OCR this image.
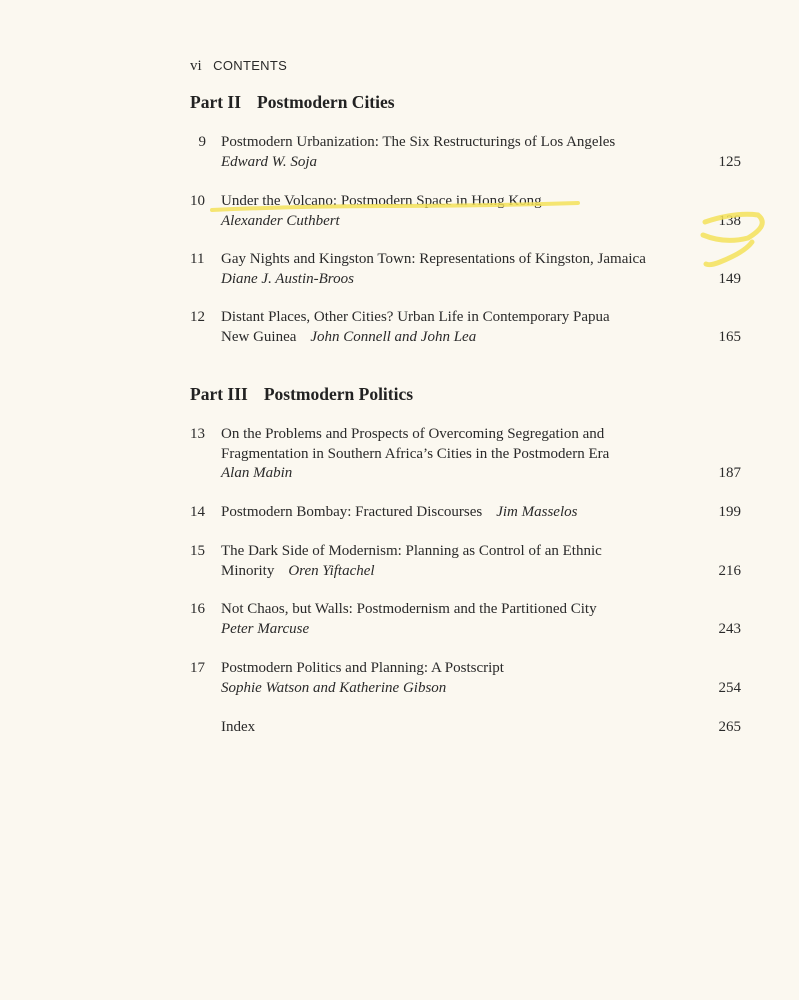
vi CONTENTS
Part II Postmodern Cities
9 Postmodern Urbanization: The Six Restructurings of Los Angeles
Edward W. Soja	125
10 Under the Volcano: Postmodern Space in Hong Kong
Alexander Cuthbert	138
11 Gay Nights and Kingston Town: Representations of Kingston, Jamaica
Diane J. Austin-Broos	149
12 Distant Places, Other Cities? Urban Life in Contemporary Papua
New Guinea John Connell and John Lea	165
Part III Postmodern Politics
13 On the Problems and Prospects of Overcoming Segregation and
Fragmentation in Southern Africa’s Cities in the Postmodern Era
Alan Mabin	187
14 Postmodern Bombay: Fractured Discourses Jim Masselos	199
15 The Dark Side of Modernism: Planning as Control of an Ethnic
Minority Oren Yiftachel	216
16 Not Chaos, but Walls: Postmodernism and the Partitioned City
Peter Marcuse	243
17 Postmodern Politics and Planning: A Postscript
Sophie Watson and Katherine Gibson	254
Index	265
